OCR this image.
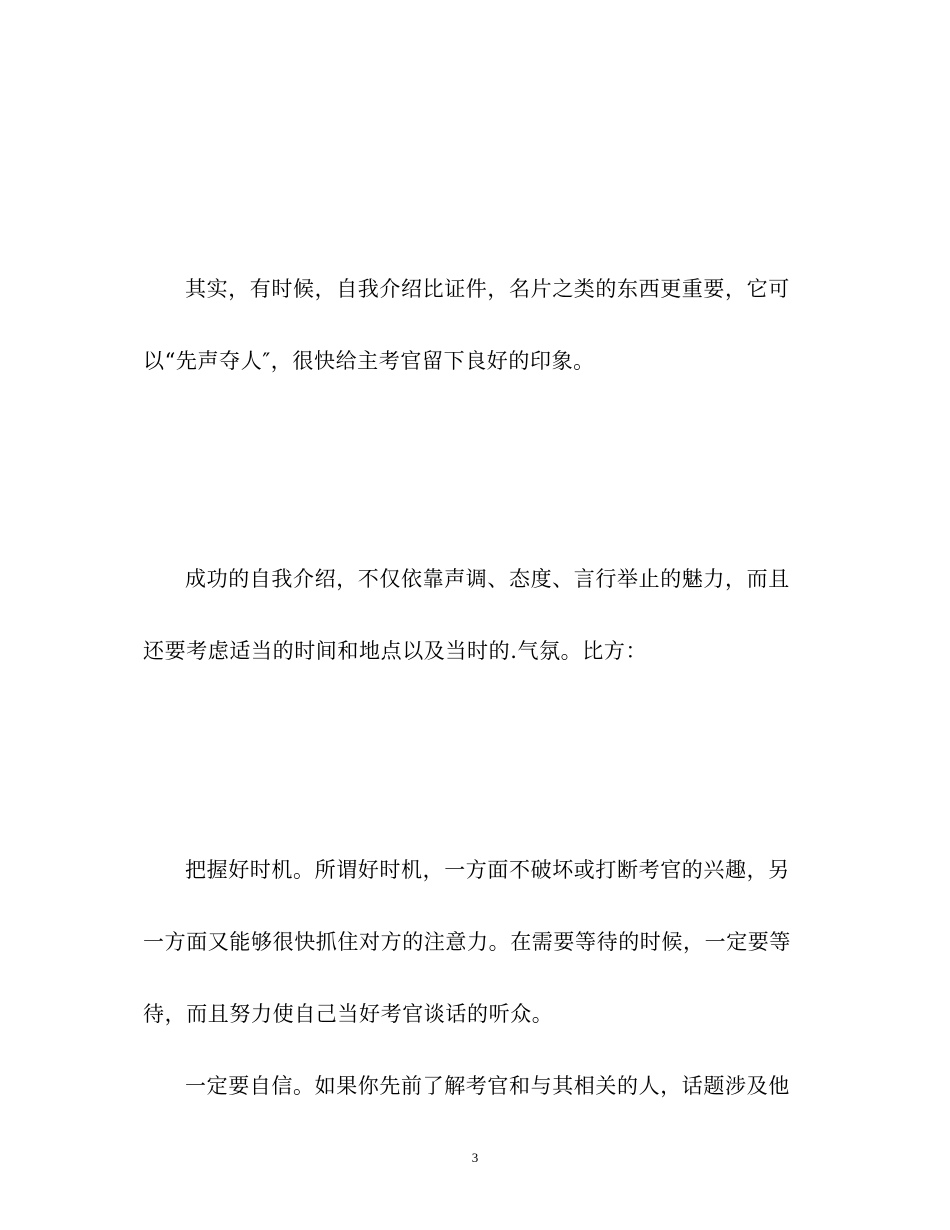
其实，有时候，自我介绍比证件，名片之类的东西更重要，它可
以“先声夺人″，很快给主考官留下良好的印象。
成功的自我介绍，不仅依靠声调、态度、言行举止的魅力，而且
还要考虑适当的时间和地点以及当时的.气氛。比方：
把握好时机。所谓好时机，一方面不破坏或打断考官的兴趣，另
一方面又能够很快抓住对方的注意力。在需要等待的时候，一定要等
待，而且努力使自己当好考官谈话的听众。
一定要自信。如果你先前了解考官和与其相关的人，话题涉及他
3
